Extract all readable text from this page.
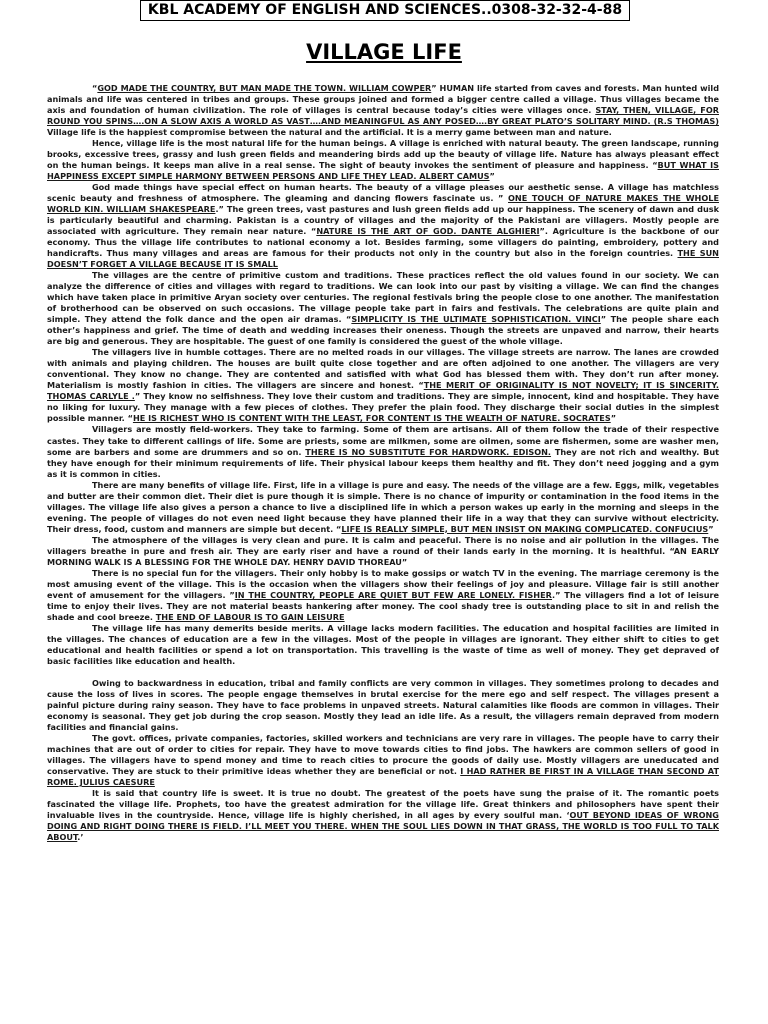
KBL ACADEMY OF ENGLISH AND SCIENCES..0308-32-32-4-88
VILLAGE LIFE

“GOD MADE THE COUNTRY, BUT MAN MADE THE TOWN. WILLIAM COWPER” HUMAN life started from caves and forests. Man hunted wild animals and life was centered in tribes and groups. These groups joined and formed a bigger centre called a village. Thus villages became the axis and foundation of human civilization. The role of villages is central because today’s cities were villages once. STAY, THEN, VILLAGE, FOR ROUND YOU SPINS….ON A SLOW AXIS A WORLD AS VAST….AND MEANINGFUL AS ANY POSED….BY GREAT PLATO’S SOLITARY MIND. (R.S THOMAS) Village life is the happiest compromise between the natural and the artificial. It is a merry game between man and nature.

Hence, village life is the most natural life for the human beings. A village is enriched with natural beauty. The green landscape, running brooks, excessive trees, grassy and lush green fields and meandering birds add up the beauty of village life. Nature has always pleasant effect on the human beings. It keeps man alive in a real sense. The sight of beauty invokes the sentiment of pleasure and happiness. “BUT WHAT IS HAPPINESS EXCEPT SIMPLE HARMONY BETWEEN PERSONS AND LIFE THEY LEAD. ALBERT CAMUS”

God made things have special effect on human hearts. The beauty of a village pleases our aesthetic sense. A village has matchless scenic beauty and freshness of atmosphere. The gleaming and dancing flowers fascinate us. ” ONE TOUCH OF NATURE MAKES THE WHOLE WORLD KIN. WILLIAM SHAKESPEARE.” The green trees, vast pastures and lush green fields add up our happiness. The scenery of dawn and dusk is particularly beautiful and charming. Pakistan is a country of villages and the majority of the Pakistani are villagers. Mostly people are associated with agriculture. They remain near nature. “NATURE IS THE ART OF GOD. DANTE ALGHIERI”. Agriculture is the backbone of our economy. Thus the village life contributes to national economy a lot. Besides farming, some villagers do painting, embroidery, pottery and handicrafts. Thus many villages and areas are famous for their products not only in the country but also in the foreign countries. THE SUN DOESN’T FORGET A VILLAGE BECAUSE IT IS SMALL

The villages are the centre of primitive custom and traditions. These practices reflect the old values found in our society. We can analyze the difference of cities and villages with regard to traditions. We can look into our past by visiting a village. We can find the changes which have taken place in primitive Aryan society over centuries. The regional festivals bring the people close to one another. The manifestation of brotherhood can be observed on such occasions. The village people take part in fairs and festivals. The celebrations are quite plain and simple. They attend the folk dance and the open air dramas. “SIMPLICITY IS THE ULTIMATE SOPHISTICATION. VINCI” The people share each other’s happiness and grief. The time of death and wedding increases their oneness. Though the streets are unpaved and narrow, their hearts are big and generous. They are hospitable. The guest of one family is considered the guest of the whole village.

The villagers live in humble cottages. There are no melted roads in our villages. The village streets are narrow. The lanes are crowded with animals and playing children. The houses are built quite close together and are often adjoined to one another. The villagers are very conventional. They know no change. They are contented and satisfied with what God has blessed them with. They don’t run after money. Materialism is mostly fashion in cities. The villagers are sincere and honest. “THE MERIT OF ORIGINALITY IS NOT NOVELTY; IT IS SINCERITY. THOMAS CARLYLE .” They know no selfishness. They love their custom and traditions. They are simple, innocent, kind and hospitable. They have no liking for luxury. They manage with a few pieces of clothes. They prefer the plain food. They discharge their social duties in the simplest possible manner. “HE IS RICHEST WHO IS CONTENT WITH THE LEAST, FOR CONTENT IS THE WEALTH OF NATURE. SOCRATES”

Villagers are mostly field-workers. They take to farming. Some of them are artisans. All of them follow the trade of their respective castes. They take to different callings of life. Some are priests, some are milkmen, some are oilmen, some are fishermen, some are washer men, some are barbers and some are drummers and so on. THERE IS NO SUBSTITUTE FOR HARDWORK. EDISON. They are not rich and wealthy. But they have enough for their minimum requirements of life. Their physical labour keeps them healthy and fit. They don’t need jogging and a gym as it is common in cities.

There are many benefits of village life. First, life in a village is pure and easy. The needs of the village are a few. Eggs, milk, vegetables and butter are their common diet. Their diet is pure though it is simple. There is no chance of impurity or contamination in the food items in the villages. The village life also gives a person a chance to live a disciplined life in which a person wakes up early in the morning and sleeps in the evening. The people of villages do not even need light because they have planned their life in a way that they can survive without electricity. Their dress, food, custom and manners are simple but decent. “LIFE IS REALLY SIMPLE, BUT MEN INSIST ON MAKING COMPLICATED. CONFUCIUS”

The atmosphere of the villages is very clean and pure. It is calm and peaceful. There is no noise and air pollution in the villages. The villagers breathe in pure and fresh air. They are early riser and have a round of their lands early in the morning. It is healthful. “AN EARLY MORNING WALK IS A BLESSING FOR THE WHOLE DAY. HENRY DAVID THOREAU”

There is no special fun for the villagers. Their only hobby is to make gossips or watch TV in the evening. The marriage ceremony is the most amusing event of the village. This is the occasion when the villagers show their feelings of joy and pleasure. Village fair is still another event of amusement for the villagers. ”IN THE COUNTRY, PEOPLE ARE QUIET BUT FEW ARE LONELY. FISHER.” The villagers find a lot of leisure time to enjoy their lives. They are not material beasts hankering after money. The cool shady tree is outstanding place to sit in and relish the shade and cool breeze. THE END OF LABOUR IS TO GAIN LEISURE

The village life has many demerits beside merits. A village lacks modern facilities. The education and hospital facilities are limited in the villages. The chances of education are a few in the villages. Most of the people in villages are ignorant. They either shift to cities to get educational and health facilities or spend a lot on transportation. This travelling is the waste of time as well of money. They get depraved of basic facilities like education and health.

Owing to backwardness in education, tribal and family conflicts are very common in villages. They sometimes prolong to decades and cause the loss of lives in scores. The people engage themselves in brutal exercise for the mere ego and self respect. The villages present a painful picture during rainy season. They have to face problems in unpaved streets. Natural calamities like floods are common in villages. Their economy is seasonal. They get job during the crop season. Mostly they lead an idle life. As a result, the villagers remain depraved from modern facilities and financial gains.

The govt. offices, private companies, factories, skilled workers and technicians are very rare in villages. The people have to carry their machines that are out of order to cities for repair. They have to move towards cities to find jobs. The hawkers are common sellers of good in villages. The villagers have to spend money and time to reach cities to procure the goods of daily use. Mostly villagers are uneducated and conservative. They are stuck to their primitive ideas whether they are beneficial or not. I HAD RATHER BE FIRST IN A VILLAGE THAN SECOND AT ROME. JULIUS CAESURE

It is said that country life is sweet. It is true no doubt. The greatest of the poets have sung the praise of it. The romantic poets fascinated the village life. Prophets, too have the greatest admiration for the village life. Great thinkers and philosophers have spent their invaluable lives in the countryside. Hence, village life is highly cherished, in all ages by every soulful man. ‘OUT BEYOND IDEAS OF WRONG DOING AND RIGHT DOING THERE IS FIELD. I’LL MEET YOU THERE. WHEN THE SOUL LIES DOWN IN THAT GRASS, THE WORLD IS TOO FULL TO TALK ABOUT.’
